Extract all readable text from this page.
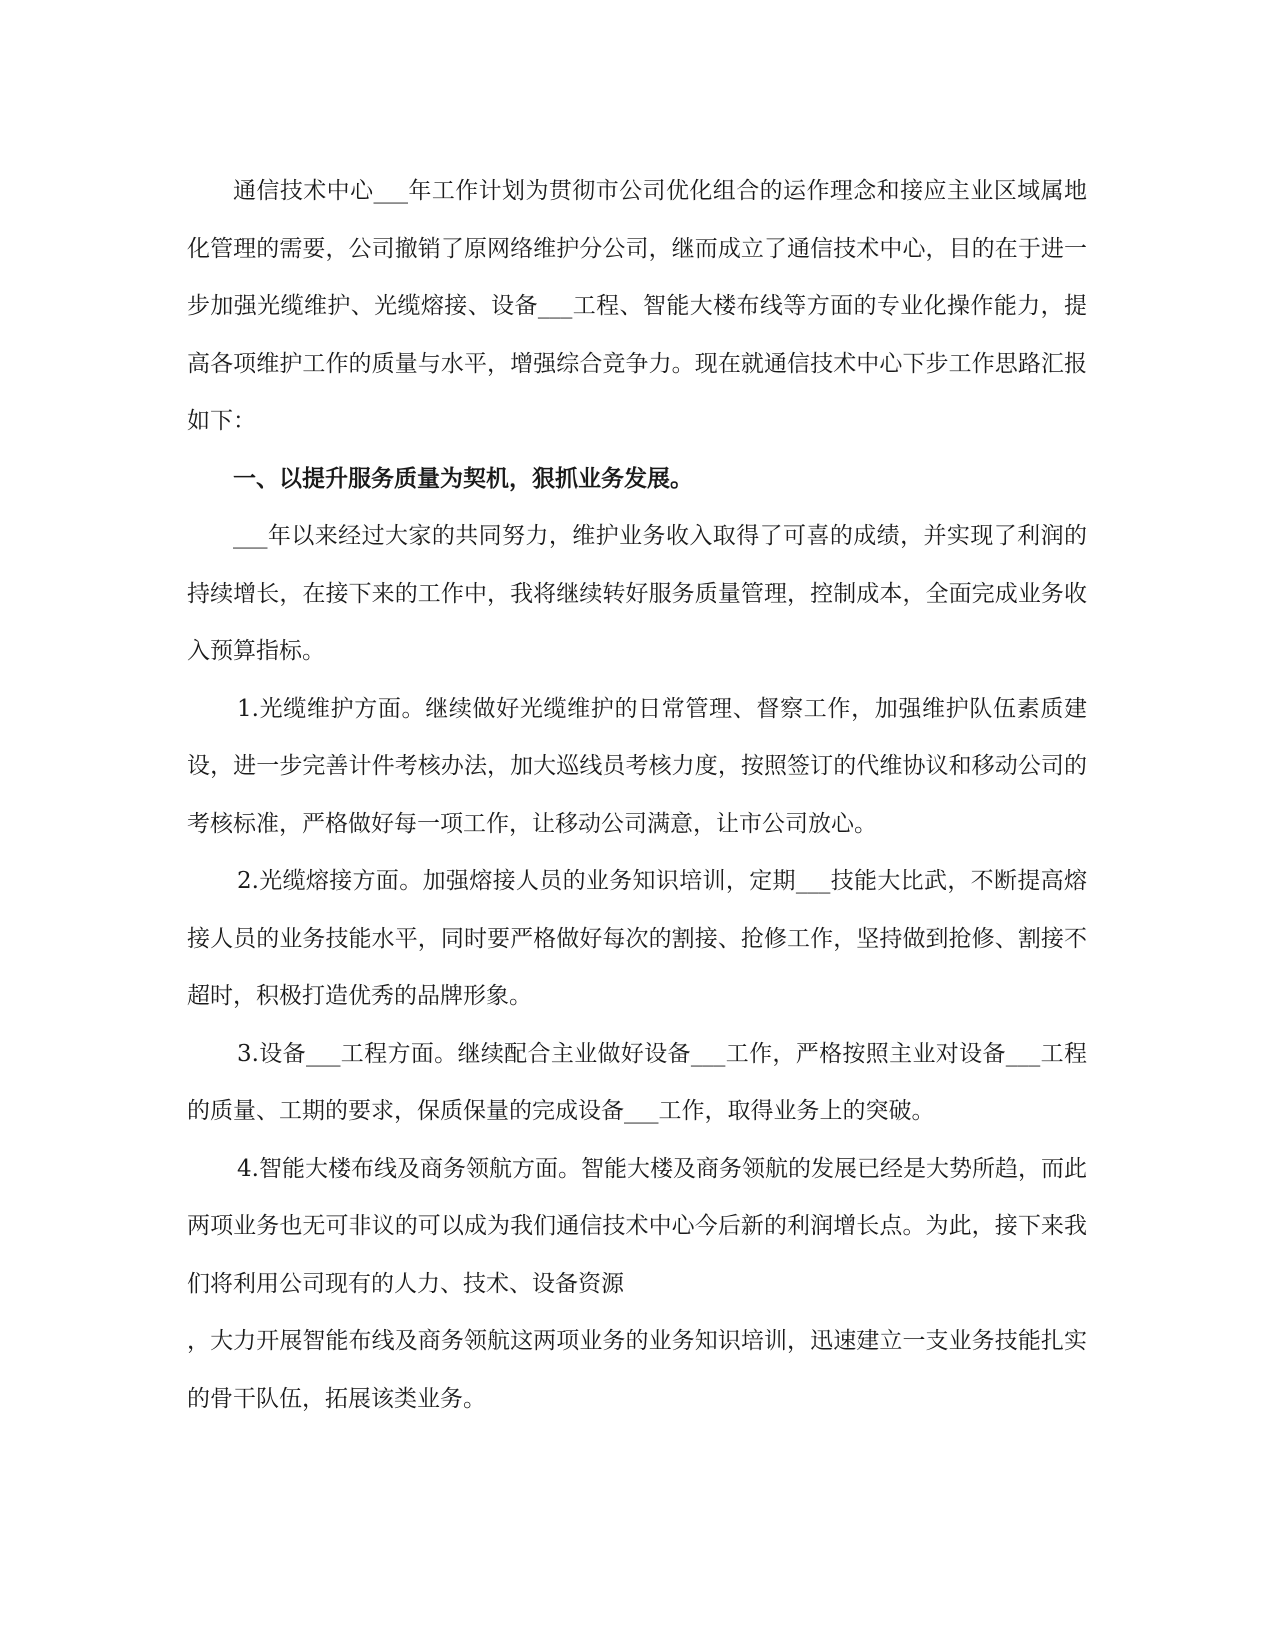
通信技术中心___年工作计划为贯彻市公司优化组合的运作理念和接应主业区域属地化管理的需要，公司撤销了原网络维护分公司，继而成立了通信技术中心，目的在于进一步加强光缆维护、光缆熔接、设备___工程、智能大楼布线等方面的专业化操作能力，提高各项维护工作的质量与水平，增强综合竞争力。现在就通信技术中心下步工作思路汇报如下：

一、以提升服务质量为契机，狠抓业务发展。

___年以来经过大家的共同努力，维护业务收入取得了可喜的成绩，并实现了利润的持续增长，在接下来的工作中，我将继续转好服务质量管理，控制成本，全面完成业务收入预算指标。

1.光缆维护方面。继续做好光缆维护的日常管理、督察工作，加强维护队伍素质建设，进一步完善计件考核办法，加大巡线员考核力度，按照签订的代维协议和移动公司的考核标准，严格做好每一项工作，让移动公司满意，让市公司放心。

2.光缆熔接方面。加强熔接人员的业务知识培训，定期___技能大比武，不断提高熔接人员的业务技能水平，同时要严格做好每次的割接、抢修工作，坚持做到抢修、割接不超时，积极打造优秀的品牌形象。

3.设备___工程方面。继续配合主业做好设备___工作，严格按照主业对设备___工程的质量、工期的要求，保质保量的完成设备___工作，取得业务上的突破。

4.智能大楼布线及商务领航方面。智能大楼及商务领航的发展已经是大势所趋，而此两项业务也无可非议的可以成为我们通信技术中心今后新的利润增长点。为此，接下来我们将利用公司现有的人力、技术、设备资源

，大力开展智能布线及商务领航这两项业务的业务知识培训，迅速建立一支业务技能扎实的骨干队伍，拓展该类业务。
